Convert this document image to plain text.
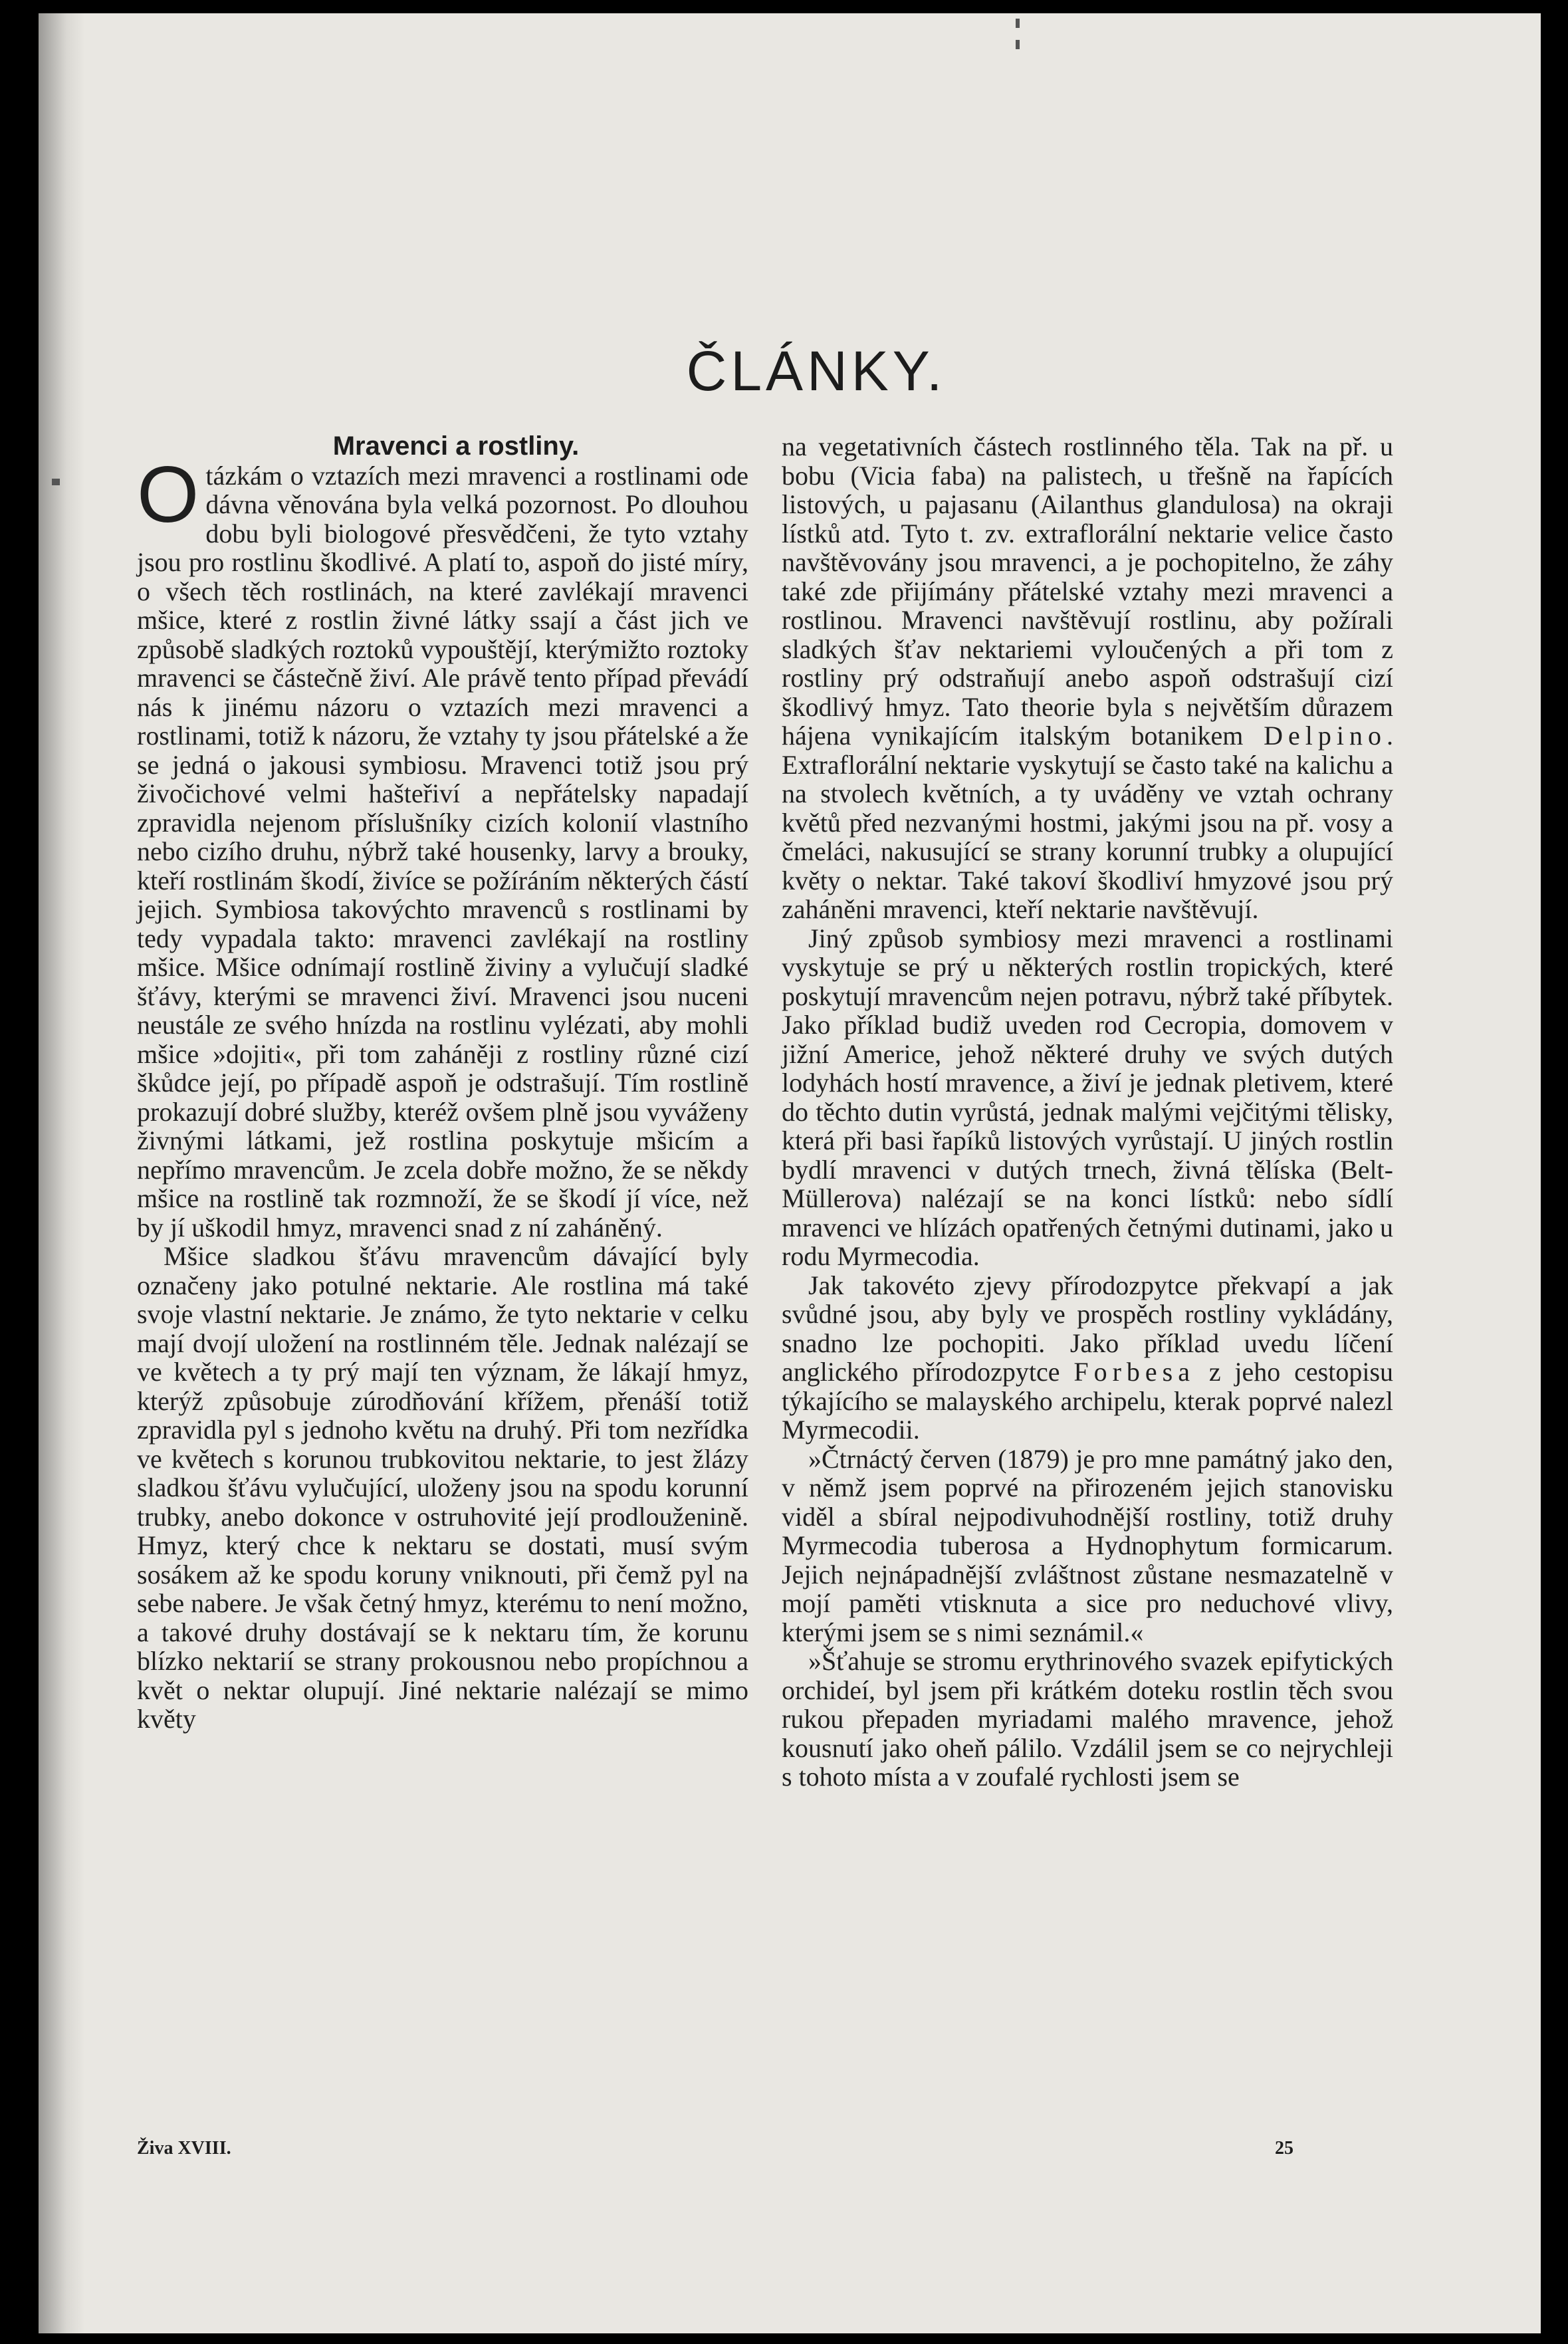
ČLÁNKY.

Mravenci a rostliny.

Otázkám o vztazích mezi mravenci a rostlinami ode dávna věnována byla velká pozornost. Po dlouhou dobu byli biologové přesvědčeni, že tyto vztahy jsou pro rostlinu škodlivé. A platí to, aspoň do jisté míry, o všech těch rostlinách, na které zavlékají mravenci mšice, které z rostlin živné látky ssají a část jich ve způsobě sladkých roztoků vypouštějí, kterýmižto roztoky mravenci se částečně živí. Ale právě tento případ převádí nás k jinému názoru o vztazích mezi mravenci a rostlinami, totiž k názoru, že vztahy ty jsou přátelské a že se jedná o jakousi symbiosu. Mravenci totiž jsou prý živočichové velmi hašteřiví a nepřátelsky napadají zpravidla nejenom příslušníky cizích kolonií vlastního nebo cizího druhu, nýbrž také housenky, larvy a brouky, kteří rostlinám škodí, živíce se požíráním některých částí jejich. Symbiosa takovýchto mravenců s rostlinami by tedy vypadala takto: mravenci zavlékají na rostliny mšice. Mšice odnímají rostlině živiny a vylučují sladké šťávy, kterými se mravenci živí. Mravenci jsou nuceni neustále ze svého hnízda na rostlinu vylézati, aby mohli mšice »dojiti«, při tom zaháněji z rostliny různé cizí škůdce její, po případě aspoň je odstrašují. Tím rostlině prokazují dobré služby, kteréž ovšem plně jsou vyváženy živnými látkami, jež rostlina poskytuje mšicím a nepřímo mravencům. Je zcela dobře možno, že se někdy mšice na rostlině tak rozmnoží, že se škodí jí více, než by jí uškodil hmyz, mravenci snad z ní zaháněný.

Mšice sladkou šťávu mravencům dávající byly označeny jako potulné nektarie. Ale rostlina má také svoje vlastní nektarie. Je známo, že tyto nektarie v celku mají dvojí uložení na rostlinném těle. Jednak nalézají se ve květech a ty prý mají ten význam, že lákají hmyz, kterýž způsobuje zúrodňování křížem, přenáší totiž zpravidla pyl s jednoho květu na druhý. Při tom nezřídka ve květech s korunou trubkovitou nektarie, to jest žlázy sladkou šťávu vylučující, uloženy jsou na spodu korunní trubky, anebo dokonce v ostruhovité její prodlouženině. Hmyz, který chce k nektaru se dostati, musí svým sosákem až ke spodu koruny vniknouti, při čemž pyl na sebe nabere. Je však četný hmyz, kterému to není možno, a takové druhy dostávají se k nektaru tím, že korunu blízko nektarií se strany prokousnou nebo propíchnou a květ o nektar olupují. Jiné nektarie nalézají se mimo květy

na vegetativních částech rostlinného těla. Tak na př. u bobu (Vicia faba) na palistech, u třešně na řapících listových, u pajasanu (Ailanthus glandulosa) na okraji lístků atd. Tyto t. zv. extraflorální nektarie velice často navštěvovány jsou mravenci, a je pochopitelno, že záhy také zde přijímány přátelské vztahy mezi mravenci a rostlinou. Mravenci navštěvují rostlinu, aby požírali sladkých šťav nektariemi vyloučených a při tom z rostliny prý odstraňují anebo aspoň odstrašují cizí škodlivý hmyz. Tato theorie byla s největším důrazem hájena vynikajícím italským botanikem Delpino. Extraflorální nektarie vyskytují se často také na kalichu a na stvolech květních, a ty uváděny ve vztah ochrany květů před nezvanými hostmi, jakými jsou na př. vosy a čmeláci, nakusující se strany korunní trubky a olupující květy o nektar. Také takoví škodliví hmyzové jsou prý zaháněni mravenci, kteří nektarie navštěvují.

Jiný způsob symbiosy mezi mravenci a rostlinami vyskytuje se prý u některých rostlin tropických, které poskytují mravencům nejen potravu, nýbrž také příbytek. Jako příklad budiž uveden rod Cecropia, domovem v jižní Americe, jehož některé druhy ve svých dutých lodyhách hostí mravence, a živí je jednak pletivem, které do těchto dutin vyrůstá, jednak malými vejčitými tělisky, která při basi řapíků listových vyrůstají. U jiných rostlin bydlí mravenci v dutých trnech, živná tělíska (Belt-Müllerova) nalézají se na konci lístků: nebo sídlí mravenci ve hlízách opatřených četnými dutinami, jako u rodu Myrmecodia.

Jak takovéto zjevy přírodozpytce překvapí a jak svůdné jsou, aby byly ve prospěch rostliny vykládány, snadno lze pochopiti. Jako příklad uvedu líčení anglického přírodozpytce Forbesa z jeho cestopisu týkajícího se malayského archipelu, kterak poprvé nalezl Myrmecodii.

»Čtrnáctý červen (1879) je pro mne památný jako den, v němž jsem poprvé na přirozeném jejich stanovisku viděl a sbíral nejpodivuhodnější rostliny, totiž druhy Myrmecodia tuberosa a Hydnophytum formicarum. Jejich nejnápadnější zvláštnost zůstane nesmazatelně v mojí paměti vtisknuta a sice pro neduchové vlivy, kterými jsem se s nimi seznámil.«

»Šťahuje se stromu erythrinového svazek epifytických orchideí, byl jsem při krátkém doteku rostlin těch svou rukou přepaden myriadami malého mravence, jehož kousnutí jako oheň pálilo. Vzdálil jsem se co nejrychleji s tohoto místa a v zoufalé rychlosti jsem se

Živa XVIII.	25
